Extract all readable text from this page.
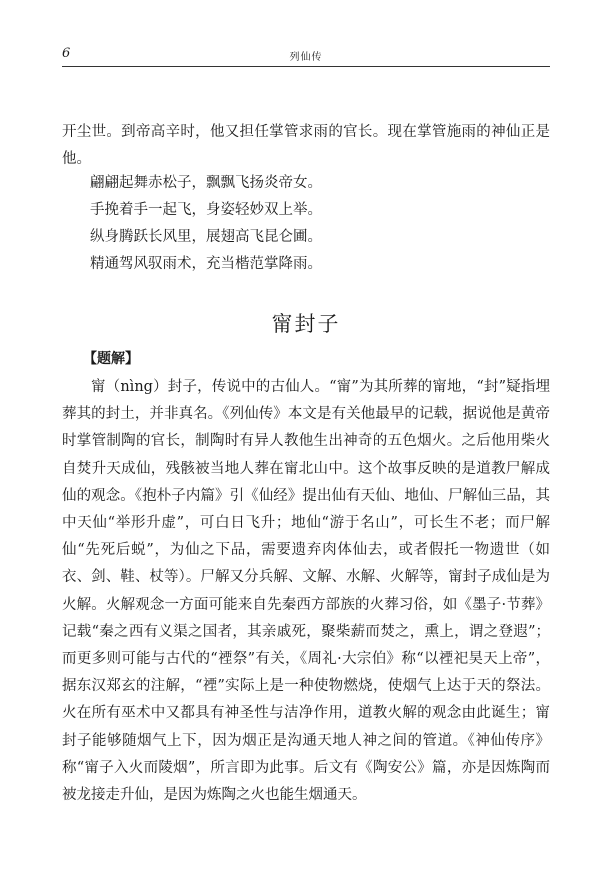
6	列仙传

开尘世。到帝高辛时，他又担任掌管求雨的官长。现在掌管施雨的神仙正是他。

翩翩起舞赤松子，飘飘飞扬炎帝女。
手挽着手一起飞，身姿轻妙双上举。
纵身腾跃长风里，展翅高飞昆仑圃。
精通驾风驭雨术，充当楷范掌降雨。
甯封子
【题解】

甯（nìng）封子，传说中的古仙人。“甯”为其所葬的甯地，“封”疑指埋葬其的封土，并非真名。《列仙传》本文是有关他最早的记载，据说他是黄帝时掌管制陶的官长，制陶时有异人教他生出神奇的五色烟火。之后他用柴火自焚升天成仙，残骸被当地人葬在甯北山中。这个故事反映的是道教尸解成仙的观念。《抱朴子内篇》引《仙经》提出仙有天仙、地仙、尸解仙三品，其中天仙“举形升虚”，可白日飞升；地仙“游于名山”，可长生不老；而尸解仙“先死后蜕”，为仙之下品，需要遗弃肉体仙去，或者假托一物遗世（如衣、剑、鞋、杖等）。尸解又分兵解、文解、水解、火解等，甯封子成仙是为火解。火解观念一方面可能来自先秦西方部族的火葬习俗，如《墨子·节葬》记载“秦之西有义渠之国者，其亲戚死，聚柴薪而焚之，熏上，谓之登遐”；而更多则可能与古代的“禋祭”有关，《周礼·大宗伯》称“以禋祀昊天上帝”，据东汉郑玄的注解，“禋”实际上是一种使物燃烧，使烟气上达于天的祭法。火在所有巫术中又都具有神圣性与洁净作用，道教火解的观念由此诞生；甯封子能够随烟气上下，因为烟正是沟通天地人神之间的管道。《神仙传序》称“甯子入火而陵烟”，所言即为此事。后文有《陶安公》篇，亦是因炼陶而被龙接走升仙，是因为炼陶之火也能生烟通天。
